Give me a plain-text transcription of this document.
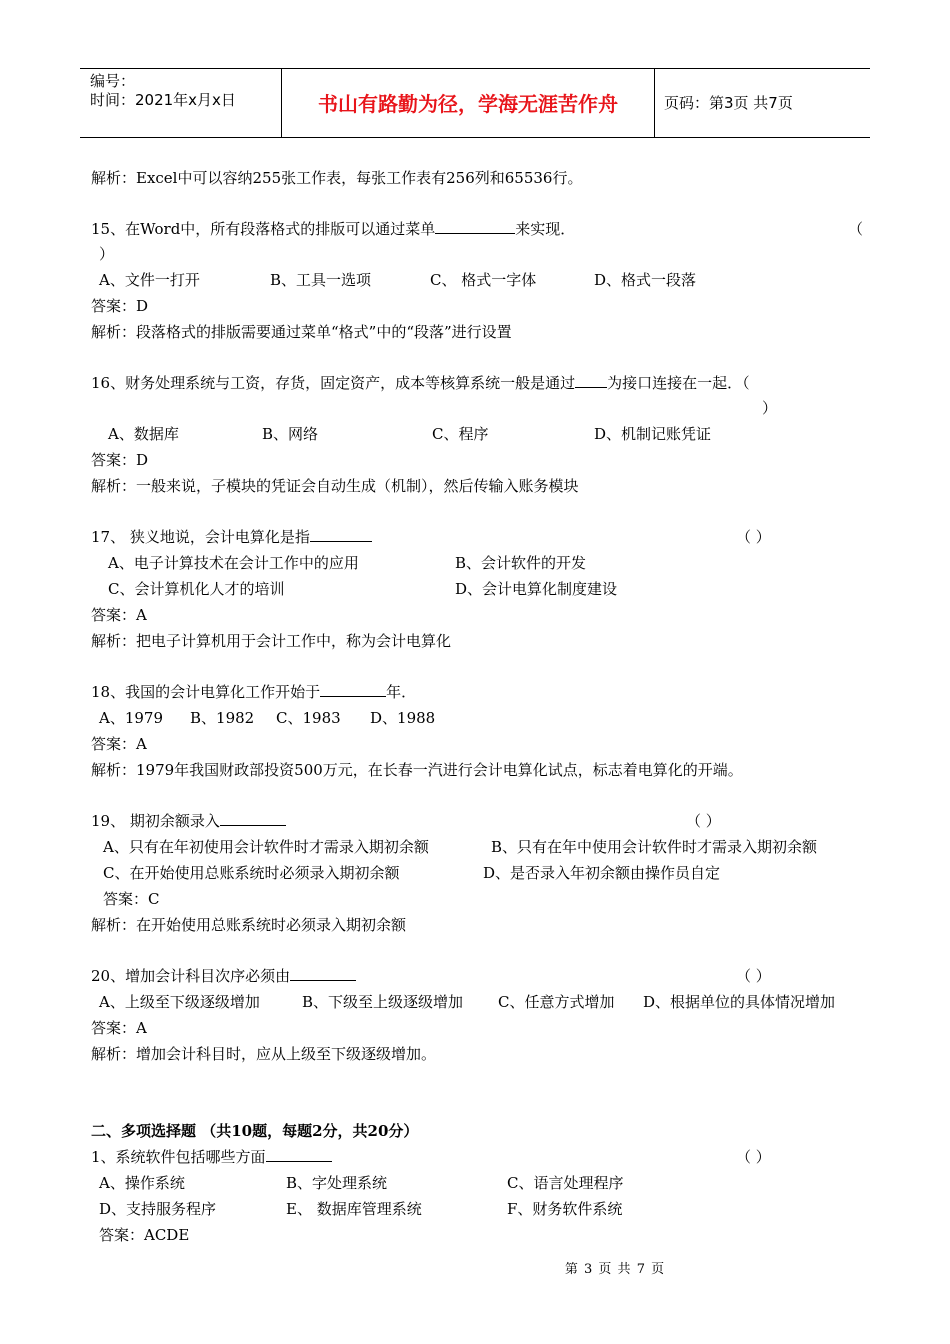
编号：
时间：2021年x月x日	书山有路勤为径，学海无涯苦作舟	页码：第3页 共7页
解析：Excel中可以容纳255张工作表，每张工作表有256列和65536行。
15、在Word中，所有段落格式的排版可以通过菜单	来实现．	（
）
A、文件一打开	B、工具一选项	C、 格式一字体	D、格式一段落
答案：D
解析：段落格式的排版需要通过菜单“格式”中的“段落”进行设置
16、财务处理系统与工资，存货，固定资产，成本等核算系统一般是通过 为接口连接在一起．（
）
A、数据库	B、网络	C、程序	D、机制记账凭证
答案：D
解析：一般来说，子模块的凭证会自动生成（机制），然后传输入账务模块
17、 狭义地说，会计电算化是指	（ ）
A、电子计算技术在会计工作中的应用	B、会计软件的开发
C、会计算机化人才的培训	D、会计电算化制度建设
答案：A
解析：把电子计算机用于会计工作中，称为会计电算化
18、我国的会计电算化工作开始于	年．
A、1979 B、1982 C、1983 D、1988
答案：A
解析：1979年我国财政部投资500万元，在长春一汽进行会计电算化试点，标志着电算化的开端。
19、 期初余额录入	（ ）
A、只有在年初使用会计软件时才需录入期初余额	B、只有在年中使用会计软件时才需录入期初余额
C、在开始使用总账系统时必须录入期初余额	D、是否录入年初余额由操作员自定
答案：C
解析：在开始使用总账系统时必须录入期初余额
20、增加会计科目次序必须由	（ ）
A、上级至下级逐级增加	B、下级至上级逐级增加 C、任意方式增加 D、根据单位的具体情况增加
答案：A
解析：增加会计科目时，应从上级至下级逐级增加。
二、多项选择题 （共10题，每题2分，共20分）
1、系统软件包括哪些方面	（ ）
A、操作系统	B、字处理系统	C、语言处理程序
D、支持服务程序	E、 数据库管理系统	F、财务软件系统
答案：ACDE
第 3 页 共 7 页
